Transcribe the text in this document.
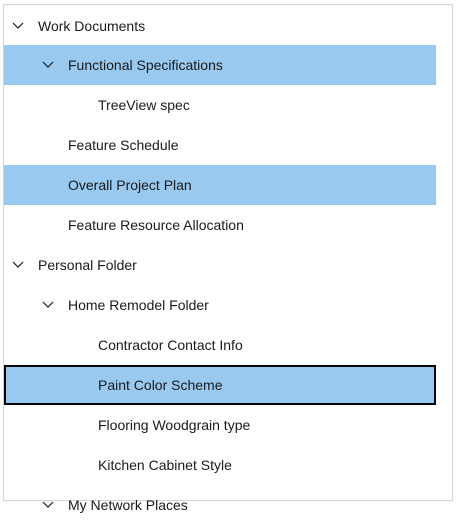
Work Documents
Functional Specifications
TreeView spec
Feature Schedule
Overall Project Plan
Feature Resource Allocation
Personal Folder
Home Remodel Folder
Contractor Contact Info
Paint Color Scheme
Flooring Woodgrain type
Kitchen Cabinet Style
My Network Places
